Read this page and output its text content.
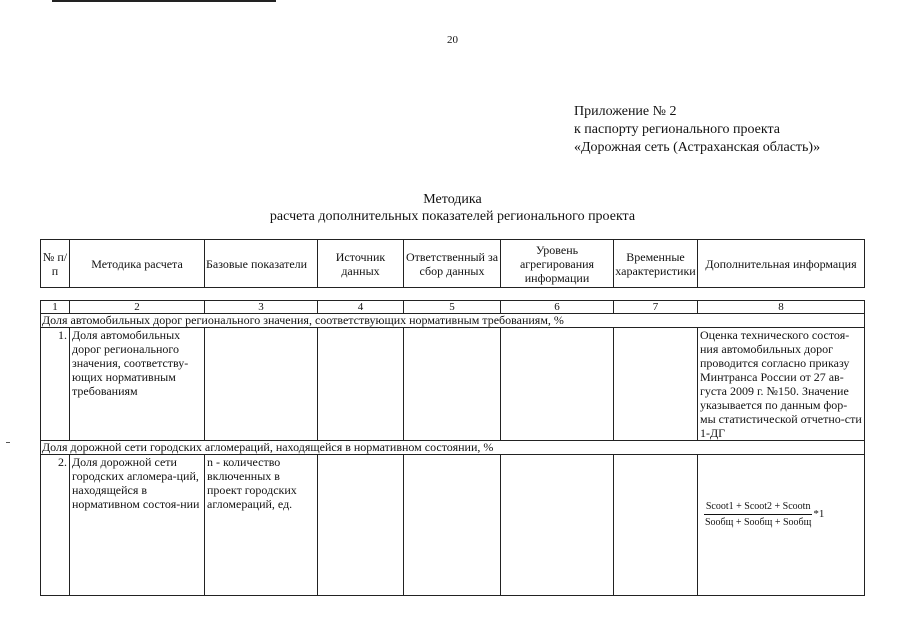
20
Приложение № 2
к паспорту регионального проекта
«Дорожная сеть (Астраханская область)»
Методика
расчета дополнительных показателей регионального проекта
№ п/п	Методика расчета	Базовые показатели	Источник данных	Ответственный за сбор данных	Уровень агрегирования информации	Временные характеристики	Дополнительная информация
1	2	3	4	5	6	7	8
Доля автомобильных дорог регионального значения, соответствующих нормативным требованиям, %							
1.	Доля автомобильных дорог регионального значения, соответству-ющих нормативным требованиям						Оценка технического состоя-ния автомобильных дорог проводится согласно приказу Минтранса России от 27 ав-густа 2009 г. №150. Значение указывается по данным фор-мы статистической отчетно-сти 1-ДГ
Доля дорожной сети городских агломераций, находящейся в нормативном состоянии, %							
2.	Доля дорожной сети городских агломера-ций, находящейся в нормативном состоя-нии	n - количество включенных в проект городских агломераций, ед.					$\frac{\text{Scoot1 + Scoot2 + Scootn}}{\text{Sообщ + Sообщ + Sообщ}} *1$
